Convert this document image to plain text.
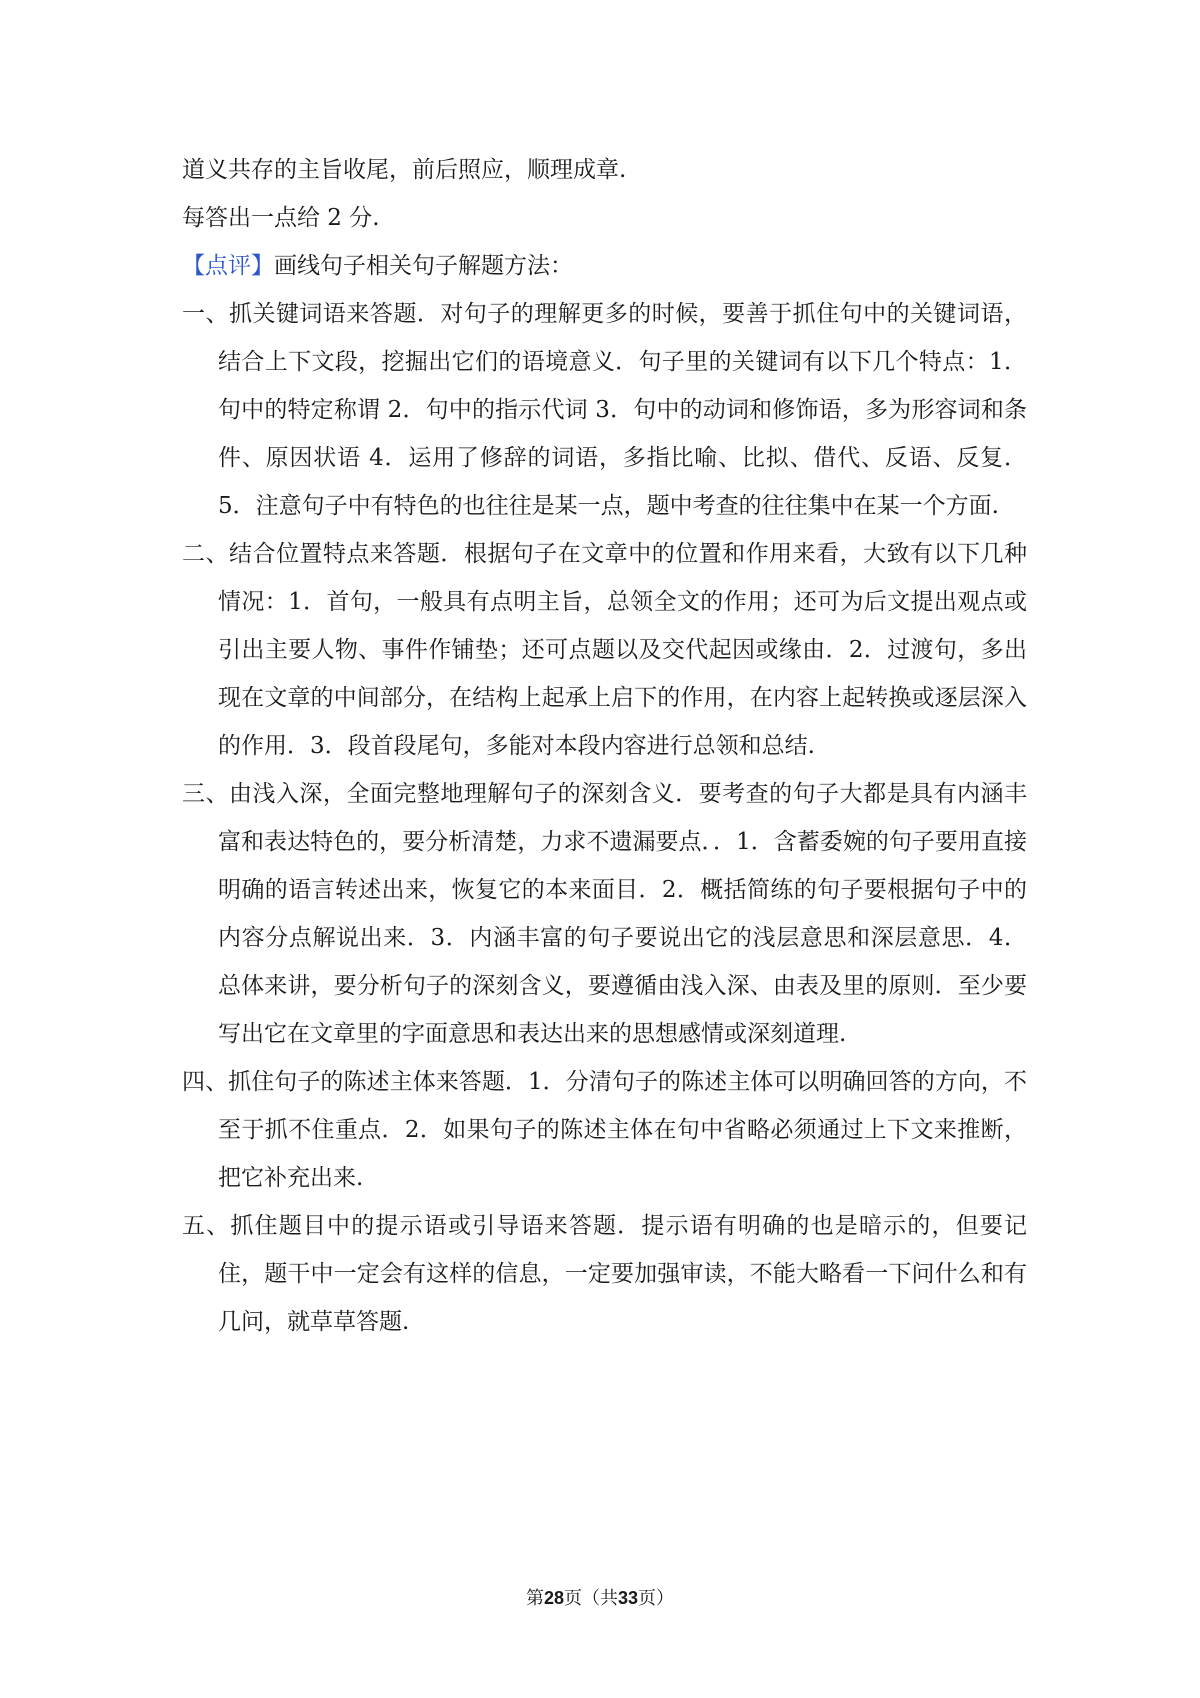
道义共存的主旨收尾，前后照应，顺理成章.

每答出一点给 2 分.

【点评】画线句子相关句子解题方法：

一、抓关键词语来答题．对句子的理解更多的时候，要善于抓住句中的关键词语，结合上下文段，挖掘出它们的语境意义．句子里的关键词有以下几个特点：1．句中的特定称谓 2．句中的指示代词 3．句中的动词和修饰语，多为形容词和条件、原因状语 4．运用了修辞的词语，多指比喻、比拟、借代、反语、反复．5．注意句子中有特色的也往往是某一点，题中考查的往往集中在某一个方面.

二、结合位置特点来答题．根据句子在文章中的位置和作用来看，大致有以下几种情况：1．首句，一般具有点明主旨，总领全文的作用；还可为后文提出观点或引出主要人物、事件作铺垫；还可点题以及交代起因或缘由．2．过渡句，多出现在文章的中间部分，在结构上起承上启下的作用，在内容上起转换或逐层深入的作用．3．段首段尾句，多能对本段内容进行总领和总结.

三、由浅入深，全面完整地理解句子的深刻含义．要考查的句子大都是具有内涵丰富和表达特色的，要分析清楚，力求不遗漏要点．．1．含蓄委婉的句子要用直接明确的语言转述出来，恢复它的本来面目．2．概括简练的句子要根据句子中的内容分点解说出来．3．内涵丰富的句子要说出它的浅层意思和深层意思．4．总体来讲，要分析句子的深刻含义，要遵循由浅入深、由表及里的原则．至少要写出它在文章里的字面意思和表达出来的思想感情或深刻道理.

四、抓住句子的陈述主体来答题．1．分清句子的陈述主体可以明确回答的方向，不至于抓不住重点．2．如果句子的陈述主体在句中省略必须通过上下文来推断，把它补充出来.

五、抓住题目中的提示语或引导语来答题．提示语有明确的也是暗示的，但要记住，题干中一定会有这样的信息，一定要加强审读，不能大略看一下问什么和有几问，就草草答题.

第28页（共33页）
